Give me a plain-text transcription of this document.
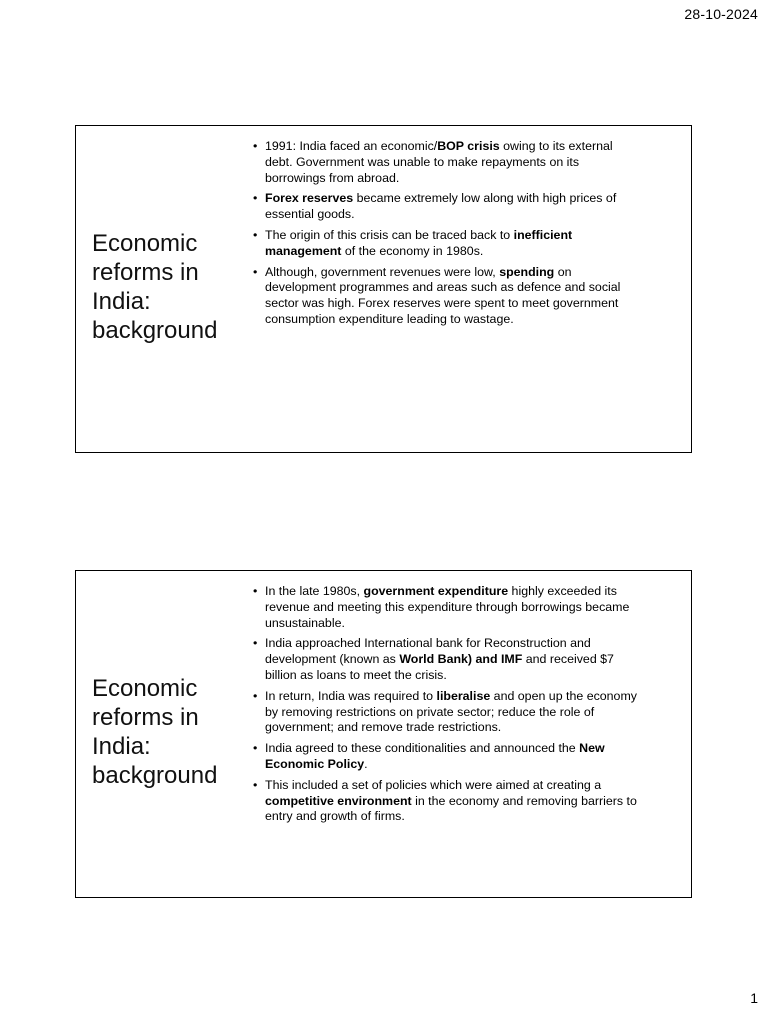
28-10-2024
Economic reforms in India: background
• 1991: India faced an economic/BOP crisis owing to its external debt. Government was unable to make repayments on its borrowings from abroad.
• Forex reserves became extremely low along with high prices of essential goods.
• The origin of this crisis can be traced back to inefficient management of the economy in 1980s.
• Although, government revenues were low, spending on development programmes and areas such as defence and social sector was high. Forex reserves were spent to meet government consumption expenditure leading to wastage.
Economic reforms in India: background
• In the late 1980s, government expenditure highly exceeded its revenue and meeting this expenditure through borrowings became unsustainable.
• India approached International bank for Reconstruction and development (known as World Bank) and IMF and received $7 billion as loans to meet the crisis.
• In return, India was required to liberalise and open up the economy by removing restrictions on private sector; reduce the role of government; and remove trade restrictions.
• India agreed to these conditionalities and announced the New Economic Policy.
• This included a set of policies which were aimed at creating a competitive environment in the economy and removing barriers to entry and growth of firms.
1
